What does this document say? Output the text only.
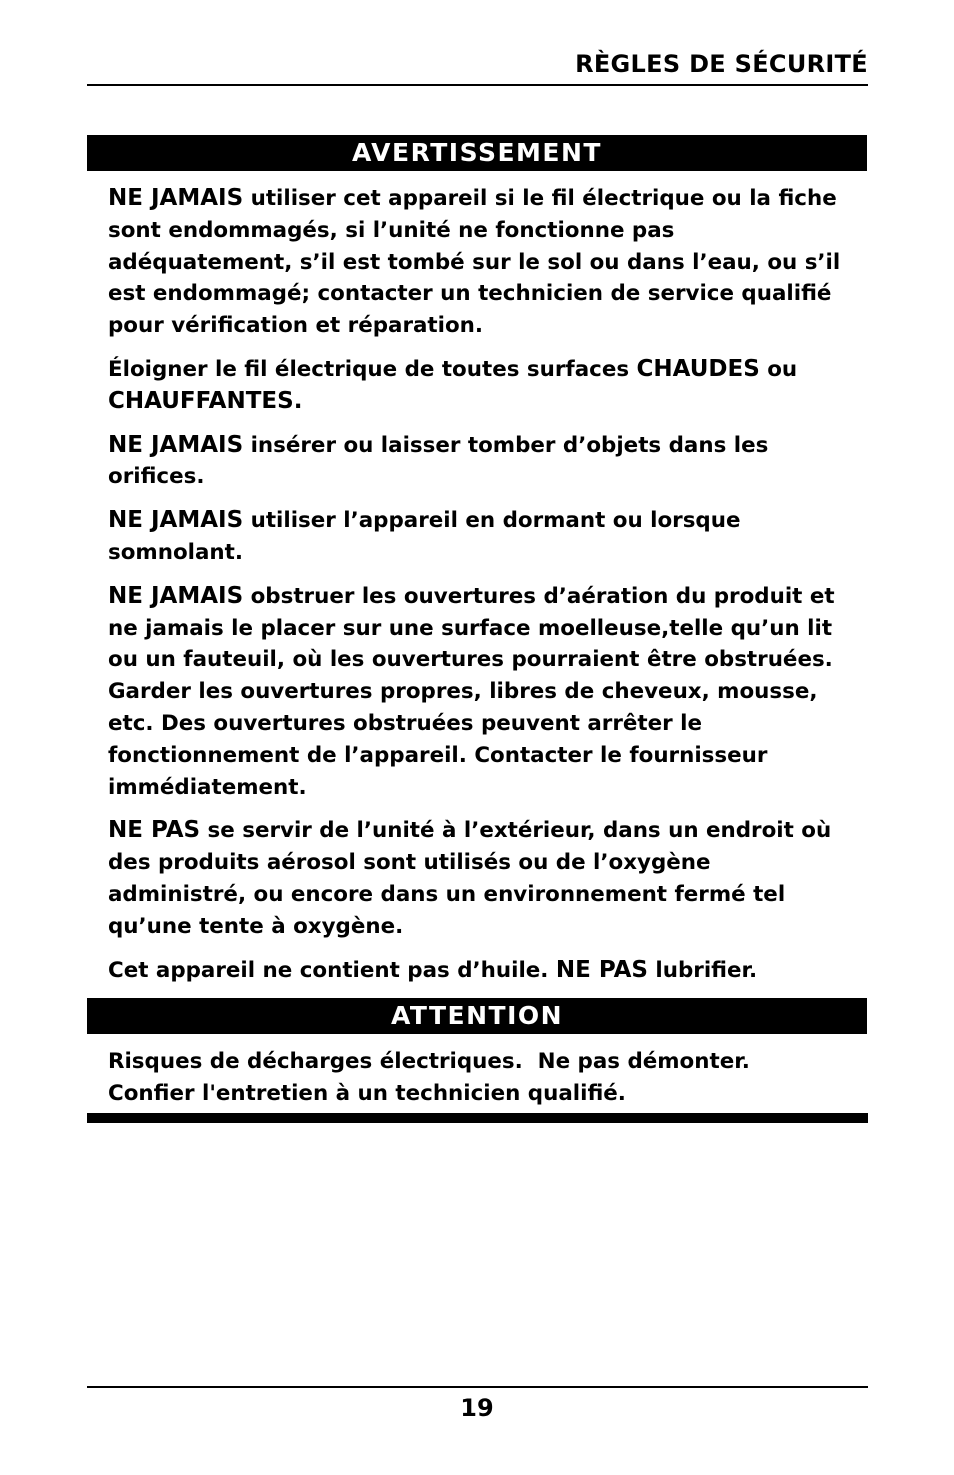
RÈGLES DE SÉCURITÉ
AVERTISSEMENT

NE JAMAIS utiliser cet appareil si le fil électrique ou la fiche sont endommagés, si l’unité ne fonctionne pas adéquatement, s’il est tombé sur le sol ou dans l’eau, ou s’il est endommagé; contacter un technicien de service qualifié pour vérification et réparation.

Éloigner le fil électrique de toutes surfaces CHAUDES ou CHAUFFANTES.

NE JAMAIS insérer ou laisser tomber d’objets dans les orifices.

NE JAMAIS utiliser l’appareil en dormant ou lorsque somnolant.

NE JAMAIS obstruer les ouvertures d’aération du produit et ne jamais le placer sur une surface moelleuse,telle qu’un lit ou un fauteuil, où les ouvertures pourraient être obstruées. Garder les ouvertures propres, libres de cheveux, mousse, etc. Des ouvertures obstruées peuvent arrêter le fonctionnement de l’appareil. Contacter le fournisseur immédiatement.

NE PAS se servir de l’unité à l’extérieur, dans un endroit où des produits aérosol sont utilisés ou de l’oxygène administré, ou encore dans un environnement fermé tel qu’une tente à oxygène.

Cet appareil ne contient pas d’huile. NE PAS lubrifier.

ATTENTION
Risques de décharges électriques.  Ne pas démonter.
Confier l'entretien à un technicien qualifié.
19
